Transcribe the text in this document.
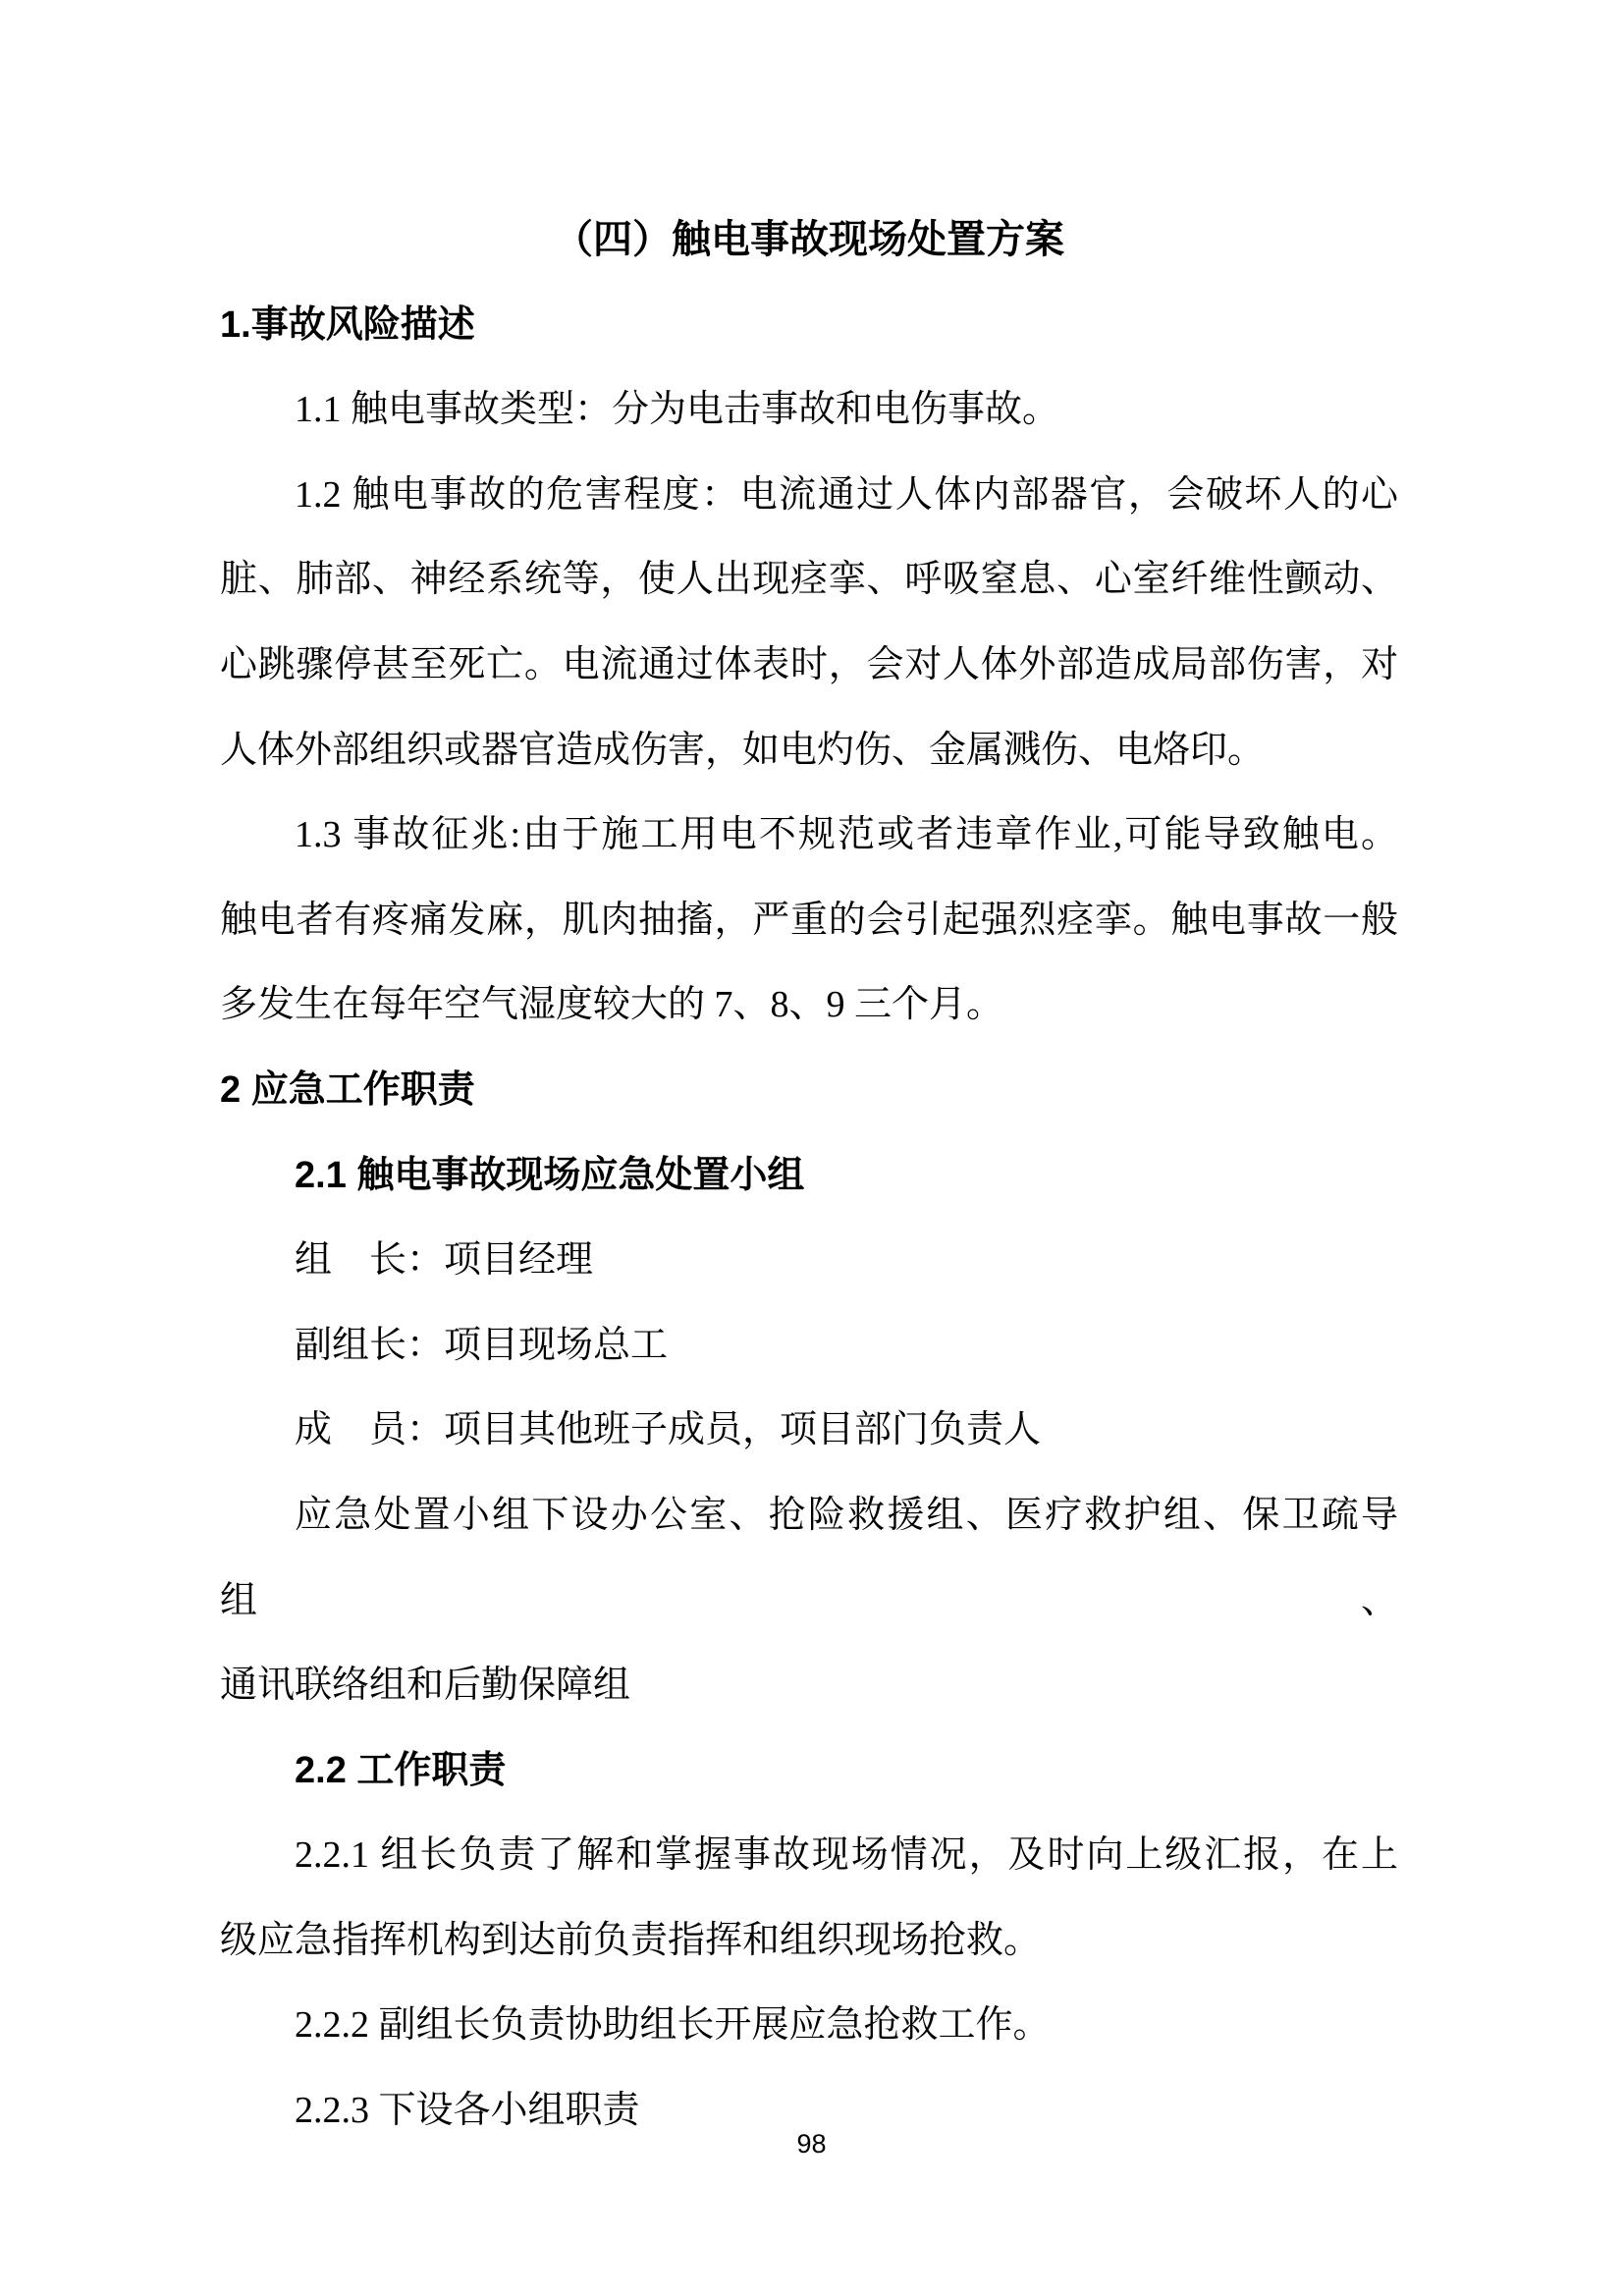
（四）触电事故现场处置方案
1.事故风险描述
1.1 触电事故类型：分为电击事故和电伤事故。
1.2 触电事故的危害程度：电流通过人体内部器官，会破坏人的心
脏、肺部、神经系统等，使人出现痉挛、呼吸窒息、心室纤维性颤动、
心跳骤停甚至死亡。电流通过体表时，会对人体外部造成局部伤害，对
人体外部组织或器官造成伤害，如电灼伤、金属溅伤、电烙印。
1.3 事故征兆:由于施工用电不规范或者违章作业,可能导致触电。
触电者有疼痛发麻，肌肉抽搐，严重的会引起强烈痉挛。触电事故一般
多发生在每年空气湿度较大的 7、8、9 三个月。
2 应急工作职责
2.1 触电事故现场应急处置小组
组　长：项目经理
副组长：项目现场总工
成　员：项目其他班子成员，项目部门负责人
应急处置小组下设办公室、抢险救援组、医疗救护组、保卫疏导组、
通讯联络组和后勤保障组
2.2 工作职责
2.2.1 组长负责了解和掌握事故现场情况，及时向上级汇报，在上
级应急指挥机构到达前负责指挥和组织现场抢救。
2.2.2 副组长负责协助组长开展应急抢救工作。
2.2.3 下设各小组职责
98
